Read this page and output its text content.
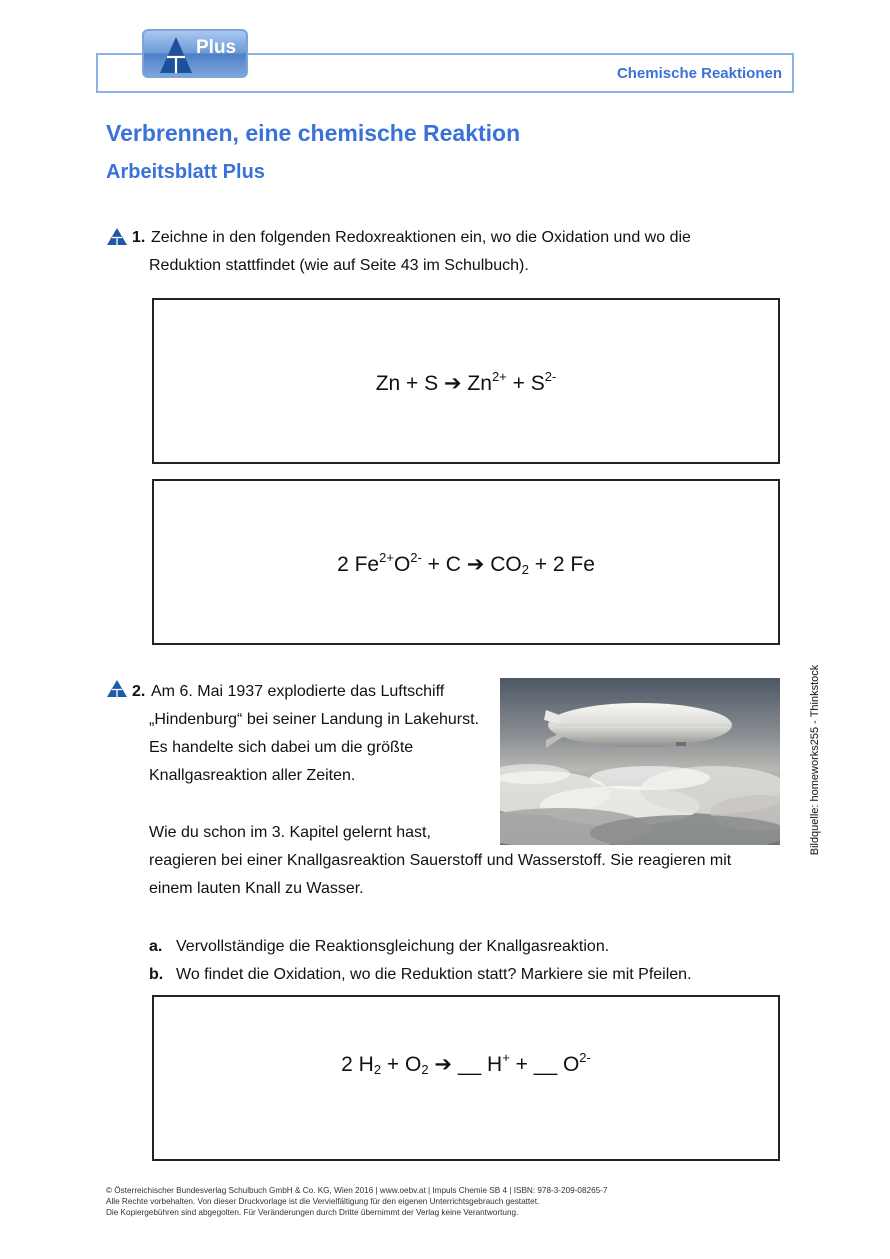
Chemische Reaktionen
Plus
Verbrennen, eine chemische Reaktion
Arbeitsblatt Plus
1. Zeichne in den folgenden Redoxreaktionen ein, wo die Oxidation und wo die
Reduktion stattfindet (wie auf Seite 43 im Schulbuch).
Zn + S ➔ $Zn^{2+} + S^{2-}$
2 $Fe^{2+}O^{2-} + C$ ➔ $CO_2 + 2$ Fe
2. Am 6. Mai 1937 explodierte das Luftschiff
„Hindenburg“ bei seiner Landung in Lakehurst.
Es handelte sich dabei um die größte
Knallgasreaktion aller Zeiten.
Wie du schon im 3. Kapitel gelernt hast,
reagieren bei einer Knallgasreaktion Sauerstoff und Wasserstoff. Sie reagieren mit
einem lauten Knall zu Wasser.
Bildquelle: homeworks255 - Thinkstock
a. Vervollständige die Reaktionsgleichung der Knallgasreaktion.
b. Wo findet die Oxidation, wo die Reduktion statt? Markiere sie mit Pfeilen.
2 $H_2 + O_2$ ➔ __ H+ + __ $O^{2-}$
© Österreichischer Bundesverlag Schulbuch GmbH & Co. KG, Wien 2016 | www.oebv.at | Impuls Chemie SB 4 | ISBN: 978-3-209-08265-7
Alle Rechte vorbehalten. Von dieser Druckvorlage ist die Vervielfältigung für den eigenen Unterrichtsgebrauch gestattet.
Die Kopiergebühren sind abgegolten. Für Veränderungen durch Dritte übernimmt der Verlag keine Verantwortung.
